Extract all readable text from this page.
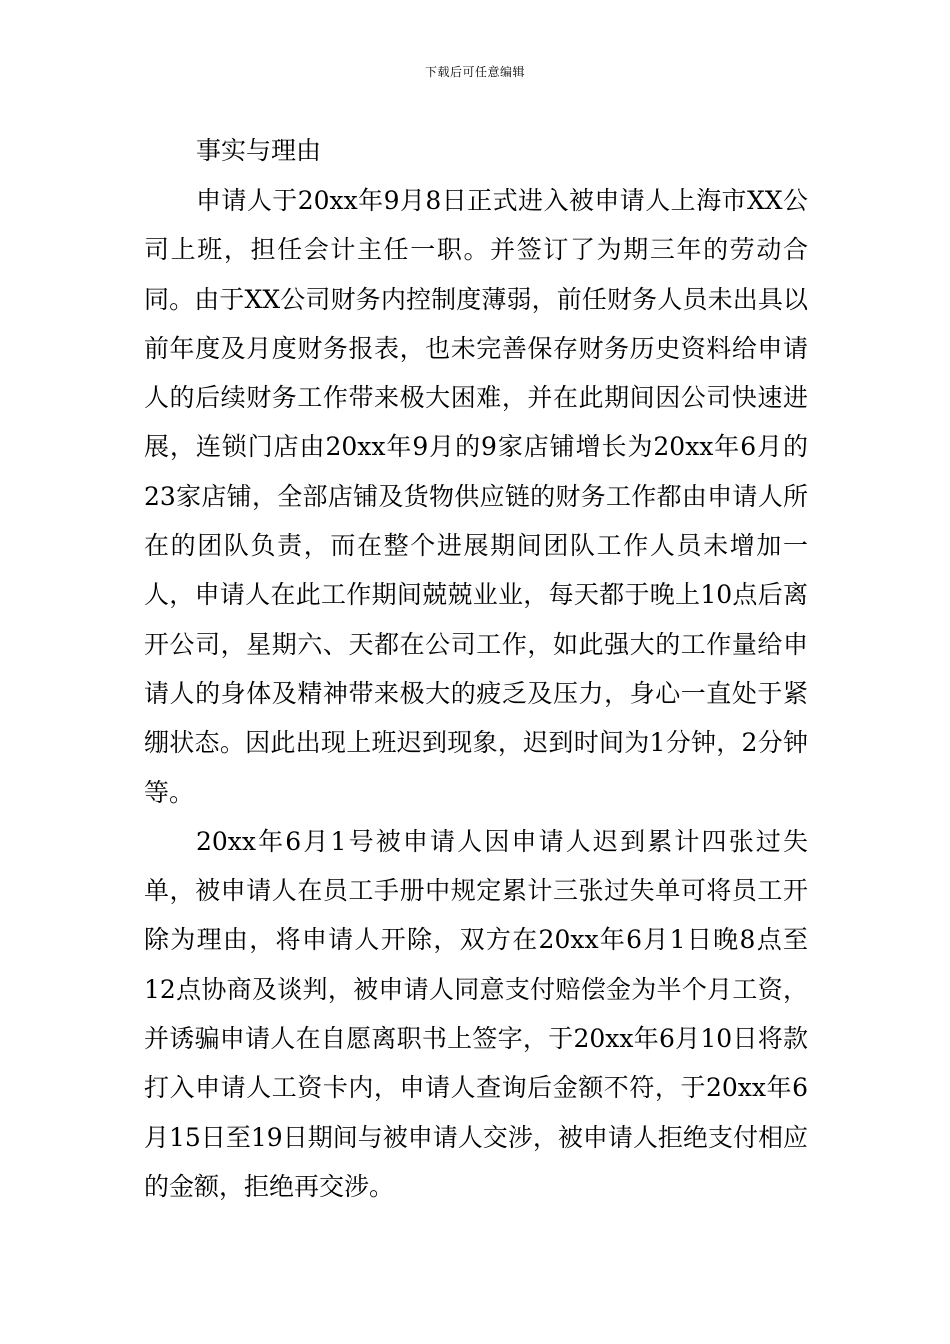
下载后可任意编辑

事实与理由

申请人于20xx年9月8日正式进入被申请人上海市XX公司上班，担任会计主任一职。并签订了为期三年的劳动合同。由于XX公司财务内控制度薄弱，前任财务人员未出具以前年度及月度财务报表，也未完善保存财务历史资料给申请人的后续财务工作带来极大困难，并在此期间因公司快速进展，连锁门店由20xx年9月的9家店铺增长为20xx年6月的23家店铺，全部店铺及货物供应链的财务工作都由申请人所在的团队负责，而在整个进展期间团队工作人员未增加一人，申请人在此工作期间兢兢业业，每天都于晚上10点后离开公司，星期六、天都在公司工作，如此强大的工作量给申请人的身体及精神带来极大的疲乏及压力，身心一直处于紧绷状态。因此出现上班迟到现象，迟到时间为1分钟，2分钟等。

20xx年6月1号被申请人因申请人迟到累计四张过失单，被申请人在员工手册中规定累计三张过失单可将员工开除为理由，将申请人开除，双方在20xx年6月1日晚8点至12点协商及谈判，被申请人同意支付赔偿金为半个月工资，并诱骗申请人在自愿离职书上签字，于20xx年6月10日将款打入申请人工资卡内，申请人查询后金额不符，于20xx年6月15日至19日期间与被申请人交涉，被申请人拒绝支付相应的金额，拒绝再交涉。
